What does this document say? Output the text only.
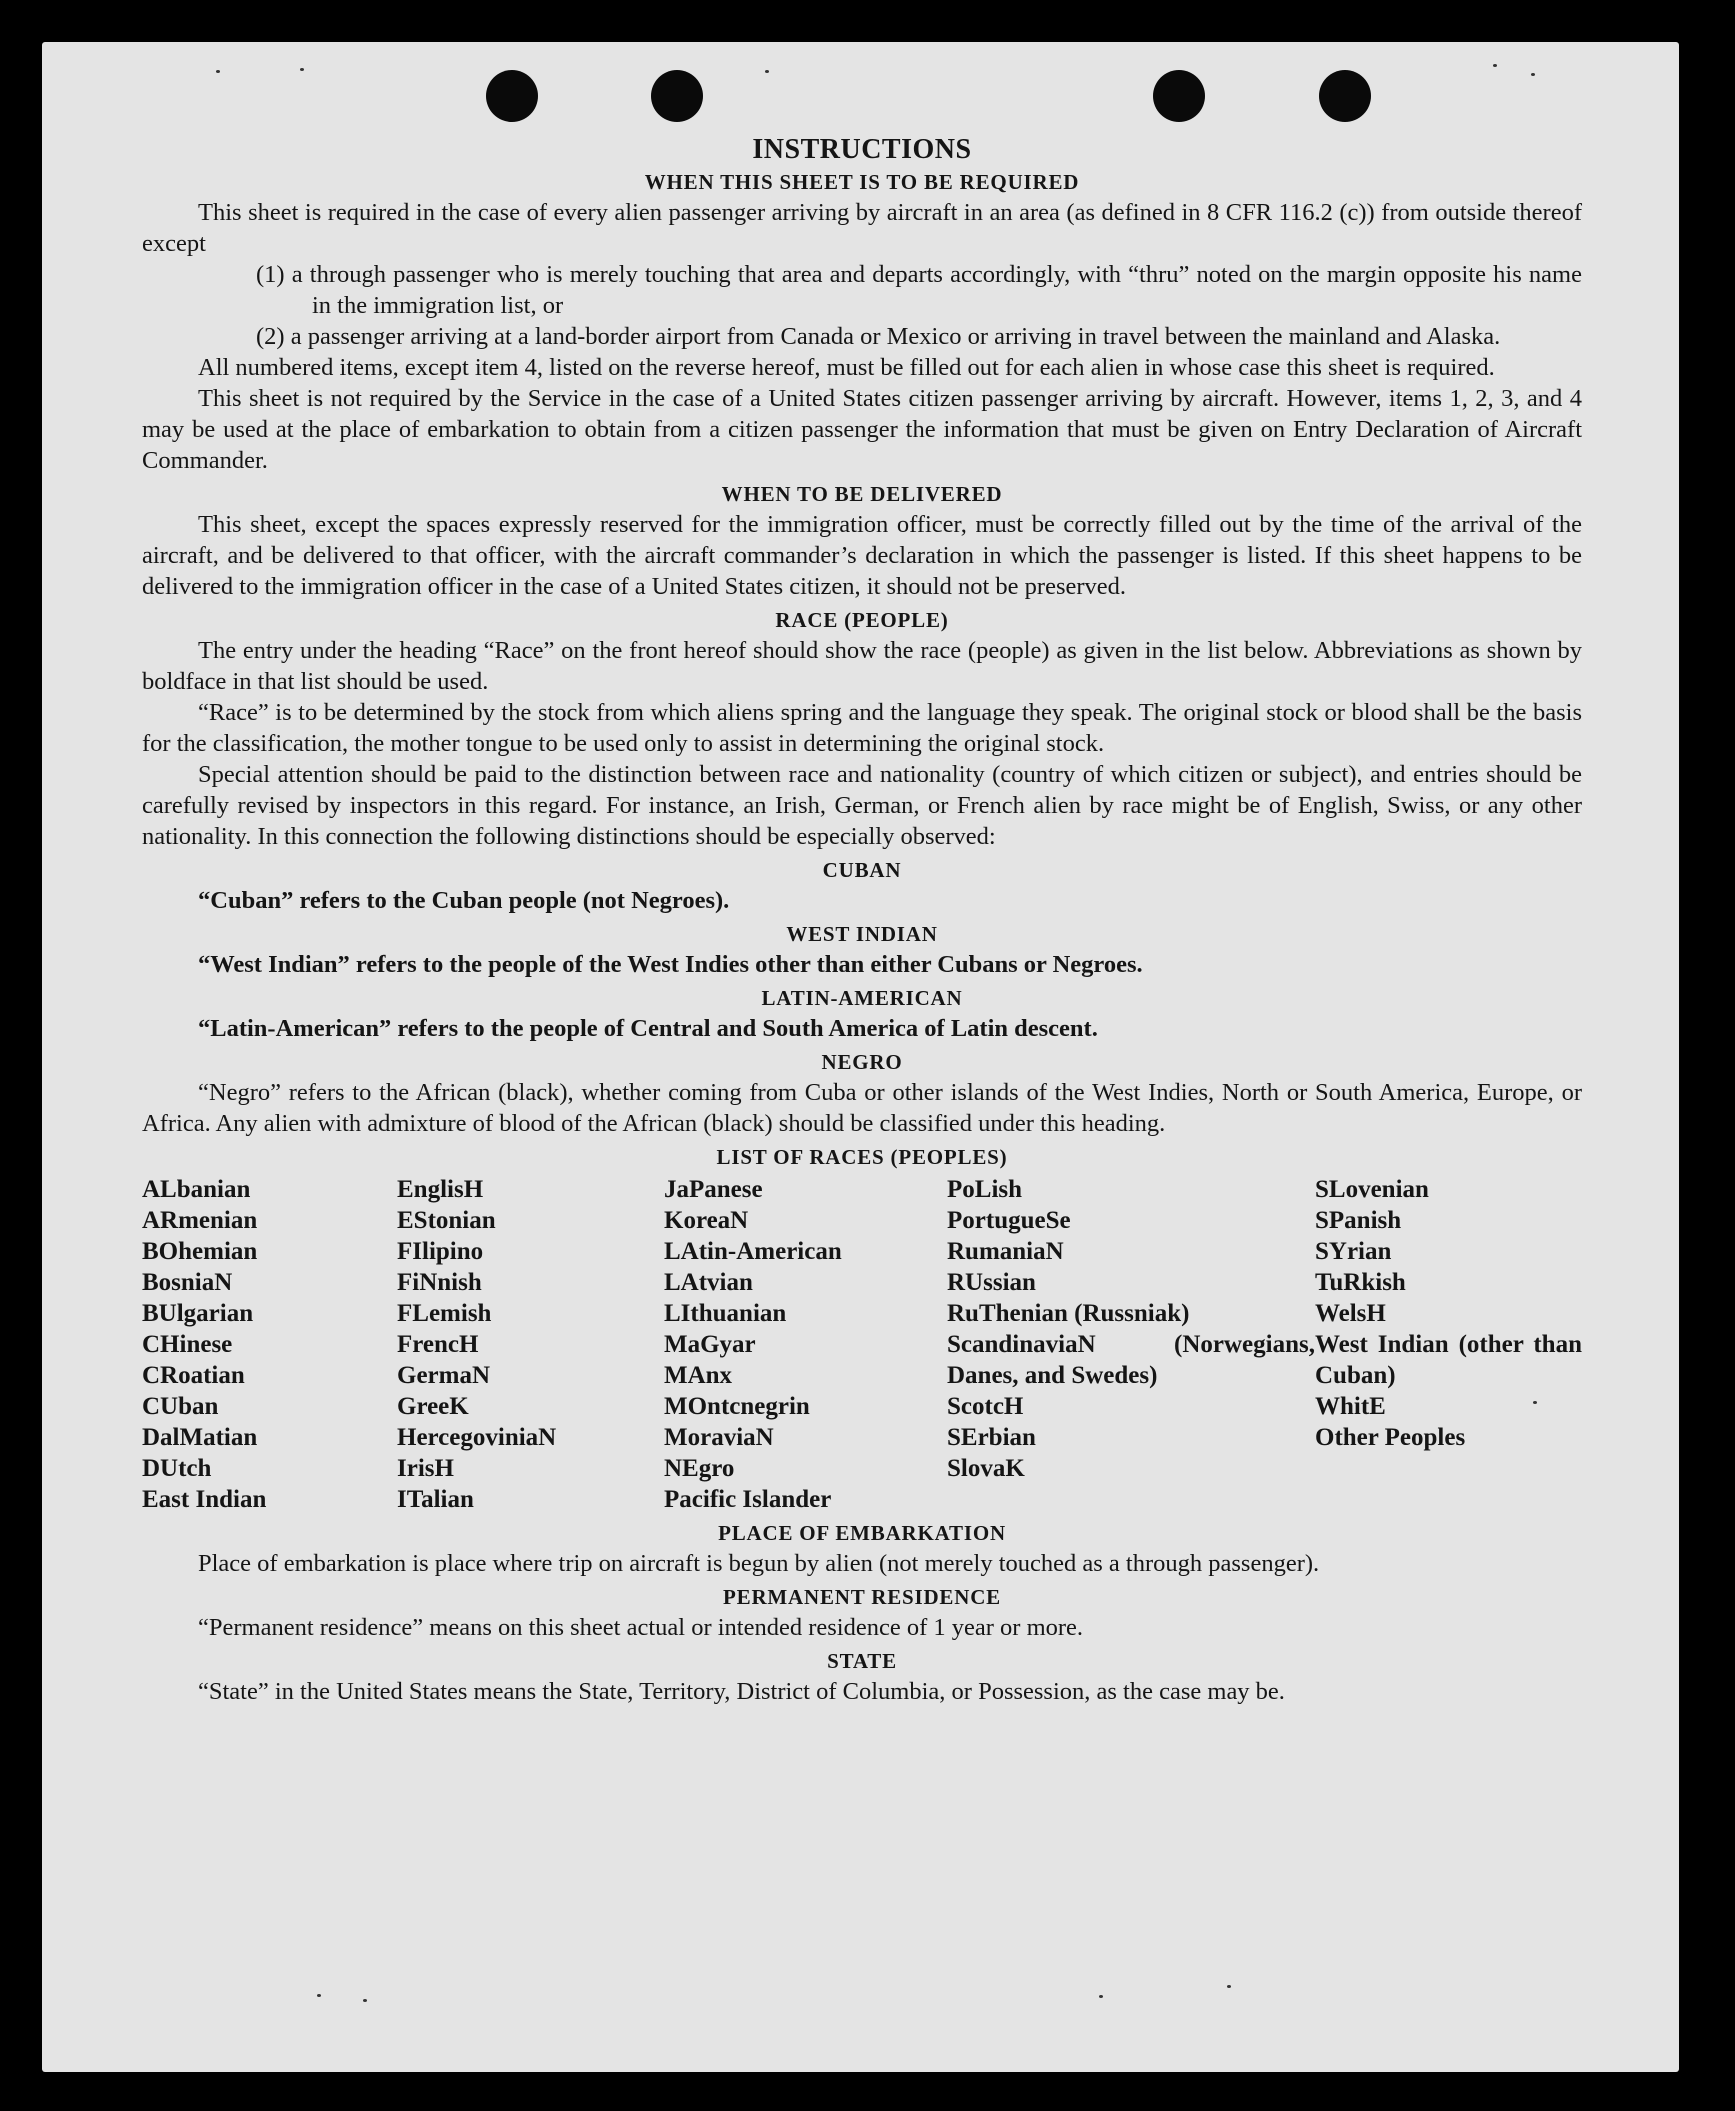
INSTRUCTIONS
WHEN THIS SHEET IS TO BE REQUIRED

This sheet is required in the case of every alien passenger arriving by aircraft in an area (as defined in 8 CFR 116.2 (c)) from outside thereof except

(1) a through passenger who is merely touching that area and departs accordingly, with “thru” noted on the margin opposite his name in the immigration list, or
(2) a passenger arriving at a land-border airport from Canada or Mexico or arriving in travel between the mainland and Alaska.

All numbered items, except item 4, listed on the reverse hereof, must be filled out for each alien in whose case this sheet is required.

This sheet is not required by the Service in the case of a United States citizen passenger arriving by aircraft. However, items 1, 2, 3, and 4 may be used at the place of embarkation to obtain from a citizen passenger the information that must be given on Entry Declaration of Aircraft Commander.

WHEN TO BE DELIVERED

This sheet, except the spaces expressly reserved for the immigration officer, must be correctly filled out by the time of the arrival of the aircraft, and be delivered to that officer, with the aircraft commander’s declaration in which the passenger is listed. If this sheet happens to be delivered to the immigration officer in the case of a United States citizen, it should not be preserved.

RACE (PEOPLE)

The entry under the heading “Race” on the front hereof should show the race (people) as given in the list below. Abbreviations as shown by boldface in that list should be used.

“Race” is to be determined by the stock from which aliens spring and the language they speak. The original stock or blood shall be the basis for the classification, the mother tongue to be used only to assist in determining the original stock.

Special attention should be paid to the distinction between race and nationality (country of which citizen or subject), and entries should be carefully revised by inspectors in this regard. For instance, an Irish, German, or French alien by race might be of English, Swiss, or any other nationality. In this connection the following distinctions should be especially observed:

CUBAN

“Cuban” refers to the Cuban people (not Negroes).

WEST INDIAN

“West Indian” refers to the people of the West Indies other than either Cubans or Negroes.

LATIN-AMERICAN

“Latin-American” refers to the people of Central and South America of Latin descent.

NEGRO

“Negro” refers to the African (black), whether coming from Cuba or other islands of the West Indies, North or South America, Europe, or Africa. Any alien with admixture of blood of the African (black) should be classified under this heading.

LIST OF RACES (PEOPLES)
ALbanian
ARmenian
BOhemian
BosniaN
BUlgarian
CHinese
CRoatian
CUban
DalMatian
DUtch
East Indian
EnglisH
EStonian
FIlipino
FiNnish
FLemish
FrencH
GermaN
GreeK
HercegoviniaN
IrisH
ITalian
JaPanese
KoreaN
LAtin-American
LAtvian
LIthuanian
MaGyar
MAnx
MOntcnegrin
MoraviaN
NEgro
Pacific Islander
PoLish
PortugueSe
RumaniaN
RUssian
RuThenian (Russniak)
ScandinaviaN (Norwegians, Danes, and Swedes)
ScotcH
SErbian
SlovaK
SLovenian
SPanish
SYrian
TuRkish
WelsH
West Indian (other than Cuban)
WhitE
Other Peoples
PLACE OF EMBARKATION

Place of embarkation is place where trip on aircraft is begun by alien (not merely touched as a through passenger).

PERMANENT RESIDENCE

“Permanent residence” means on this sheet actual or intended residence of 1 year or more.

STATE

“State” in the United States means the State, Territory, District of Columbia, or Possession, as the case may be.
